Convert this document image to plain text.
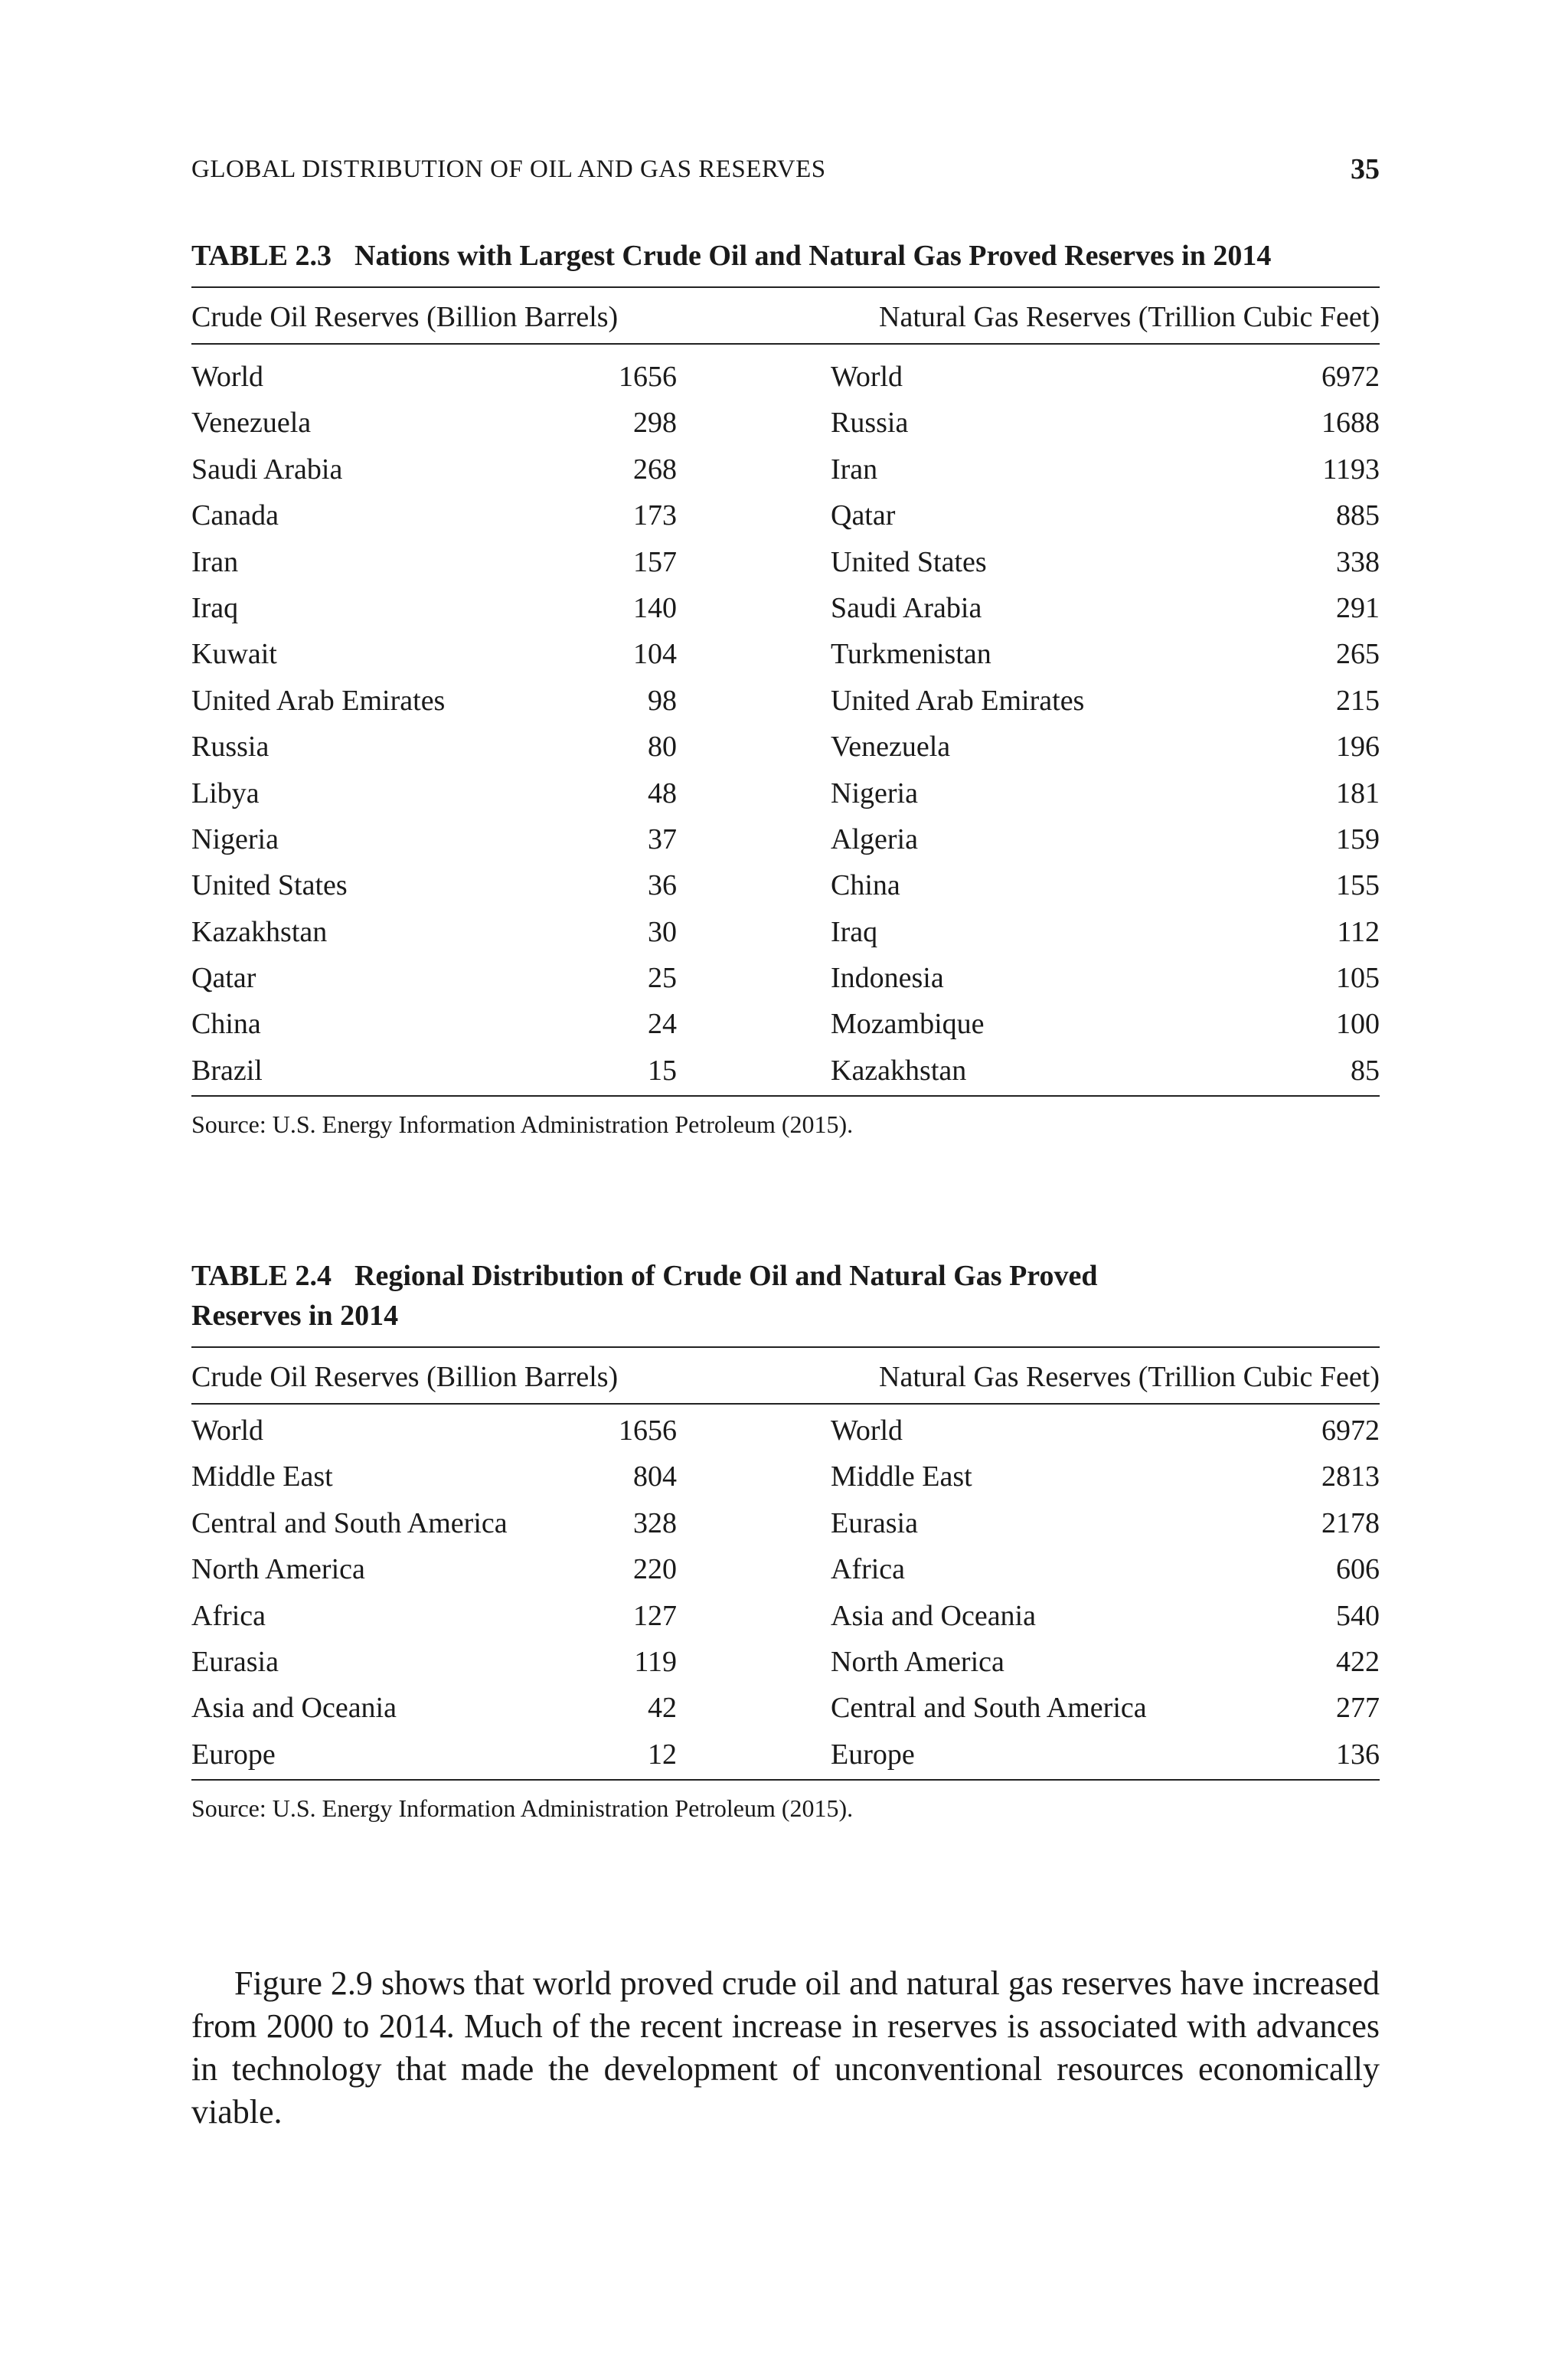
GLOBAL DISTRIBUTION OF OIL AND GAS RESERVES	35
TABLE 2.3 Nations with Largest Crude Oil and Natural Gas Proved Reserves in 2014
Crude Oil Reserves (Billion Barrels)	Natural Gas Reserves (Trillion Cubic Feet)
World	1656	World	6972
Venezuela	298	Russia	1688
Saudi Arabia	268	Iran	1193
Canada	173	Qatar	885
Iran	157	United States	338
Iraq	140	Saudi Arabia	291
Kuwait	104	Turkmenistan	265
United Arab Emirates	98	United Arab Emirates	215
Russia	80	Venezuela	196
Libya	48	Nigeria	181
Nigeria	37	Algeria	159
United States	36	China	155
Kazakhstan	30	Iraq	112
Qatar	25	Indonesia	105
China	24	Mozambique	100
Brazil	15	Kazakhstan	85
Source: U.S. Energy Information Administration Petroleum (2015).
TABLE 2.4 Regional Distribution of Crude Oil and Natural Gas Proved
Reserves in 2014
Crude Oil Reserves (Billion Barrels)	Natural Gas Reserves (Trillion Cubic Feet)
World	1656	World	6972
Middle East	804	Middle East	2813
Central and South America	328	Eurasia	2178
North America	220	Africa	606
Africa	127	Asia and Oceania	540
Eurasia	119	North America	422
Asia and Oceania	42	Central and South America	277
Europe	12	Europe	136
Source: U.S. Energy Information Administration Petroleum (2015).

Figure 2.9 shows that world proved crude oil and natural gas reserves have increased from 2000 to 2014. Much of the recent increase in reserves is associated with advances in technology that made the development of unconventional resources economically viable.
